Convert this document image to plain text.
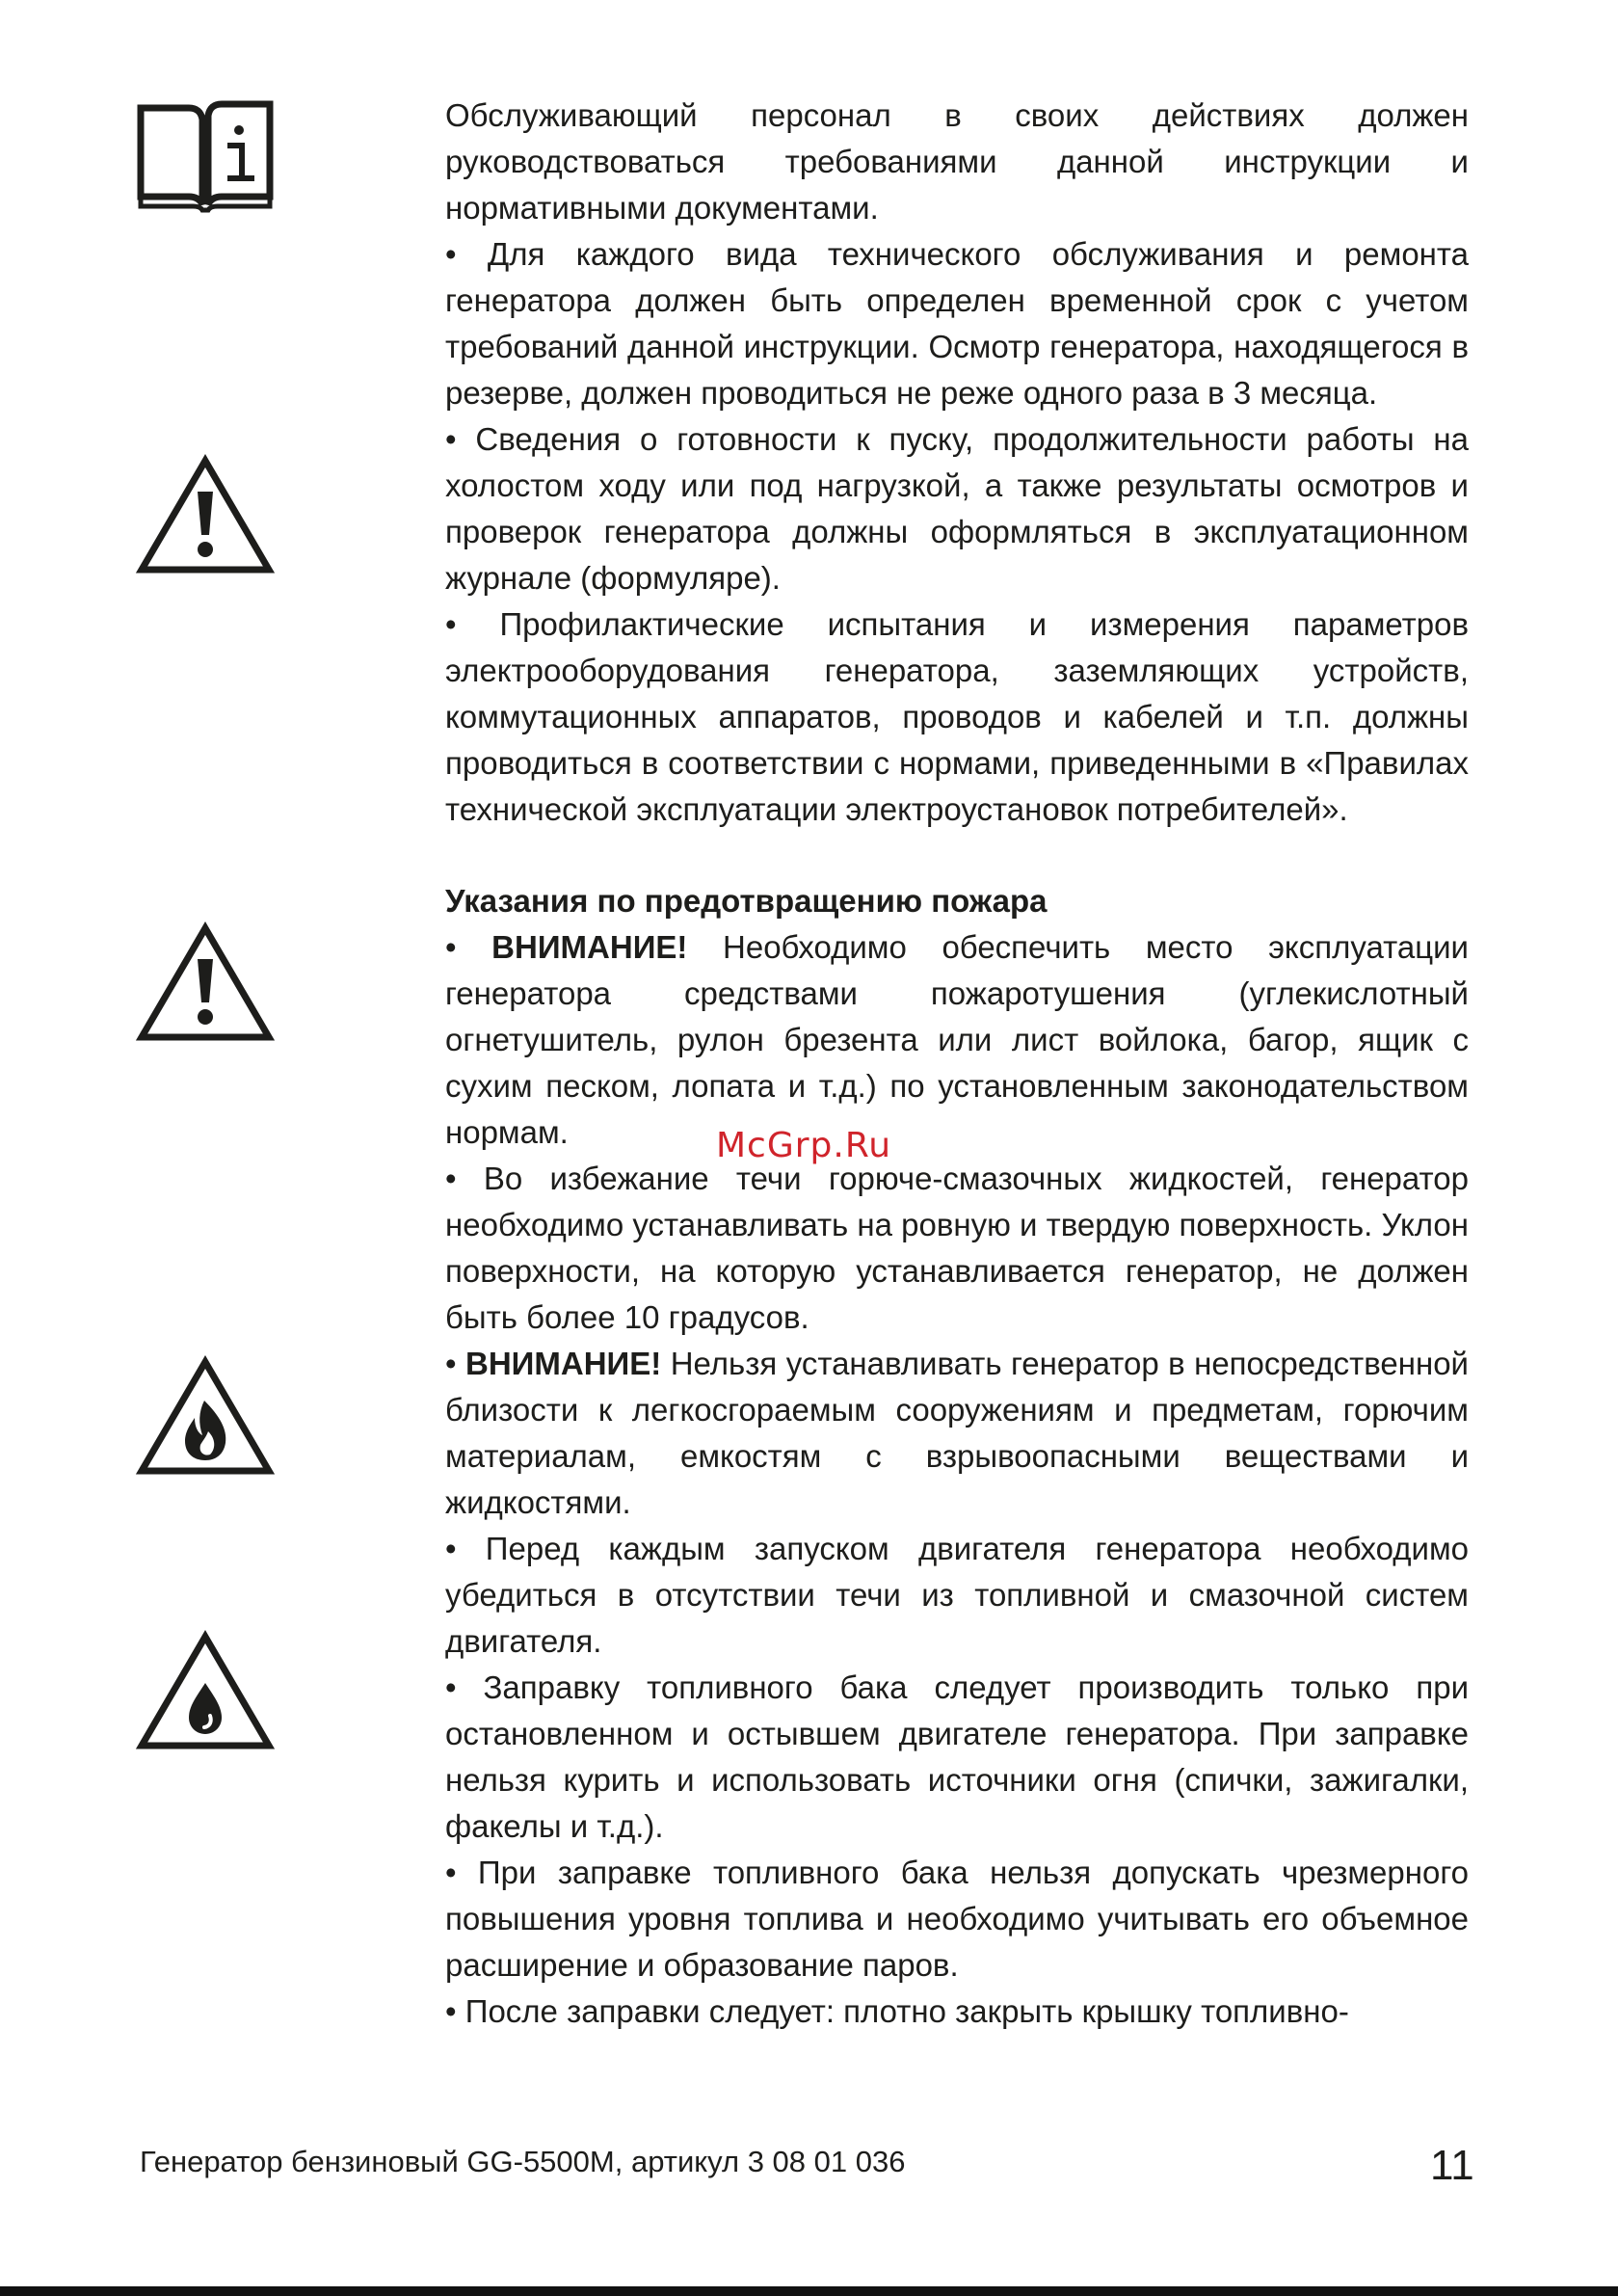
Обслуживающий персонал в своих действиях должен руководствоваться требованиями данной инструкции и нормативными документами.

• Для каждого вида технического обслуживания и ремонта генератора должен быть определен временной срок с учетом требований данной инструкции. Осмотр генератора, находящегося в резерве, должен проводиться не реже одного раза в 3 месяца.

• Сведения о готовности к пуску, продолжительности работы на холостом ходу или под нагрузкой, а также результаты осмотров и проверок генератора должны оформляться в эксплуатационном журнале (формуляре).

• Профилактические испытания и измерения параметров электрооборудования генератора, заземляющих устройств, коммутационных аппаратов, проводов и кабелей и т.п. должны проводиться в соответствии с нормами, приведенными в «Правилах технической эксплуатации электроустановок потребителей».

Указания по предотвращению пожара

• ВНИМАНИЕ! Необходимо обеспечить место эксплуатации генератора средствами пожаротушения (углекислотный огнетушитель, рулон брезента или лист войлока, багор, ящик с сухим песком, лопата и т.д.) по установленным законодательством нормам.

• Во избежание течи горюче-смазочных жидкостей, генератор необходимо устанавливать на ровную и твердую поверхность. Уклон поверхности, на которую устанавливается генератор, не должен быть более 10 градусов.

• ВНИМАНИЕ! Нельзя устанавливать генератор в непосредственной близости к легкосгораемым сооружениям и предметам, горючим материалам, емкостям с взрывоопасными веществами и жидкостями.

• Перед каждым запуском двигателя генератора необходимо убедиться в отсутствии течи из топливной и смазочной систем двигателя.

• Заправку топливного бака следует производить только при остановленном и остывшем двигателе генератора. При заправке нельзя курить и использовать источники огня (спички, зажигалки, факелы и т.д.).

• При заправке топливного бака нельзя допускать чрезмерного повышения уровня топлива и необходимо учитывать его объемное расширение и образование паров.

• После заправки следует: плотно закрыть крышку топливно-

McGrp.Ru
Генератор бензиновый GG-5500M, артикул 3 08 01 036	11
